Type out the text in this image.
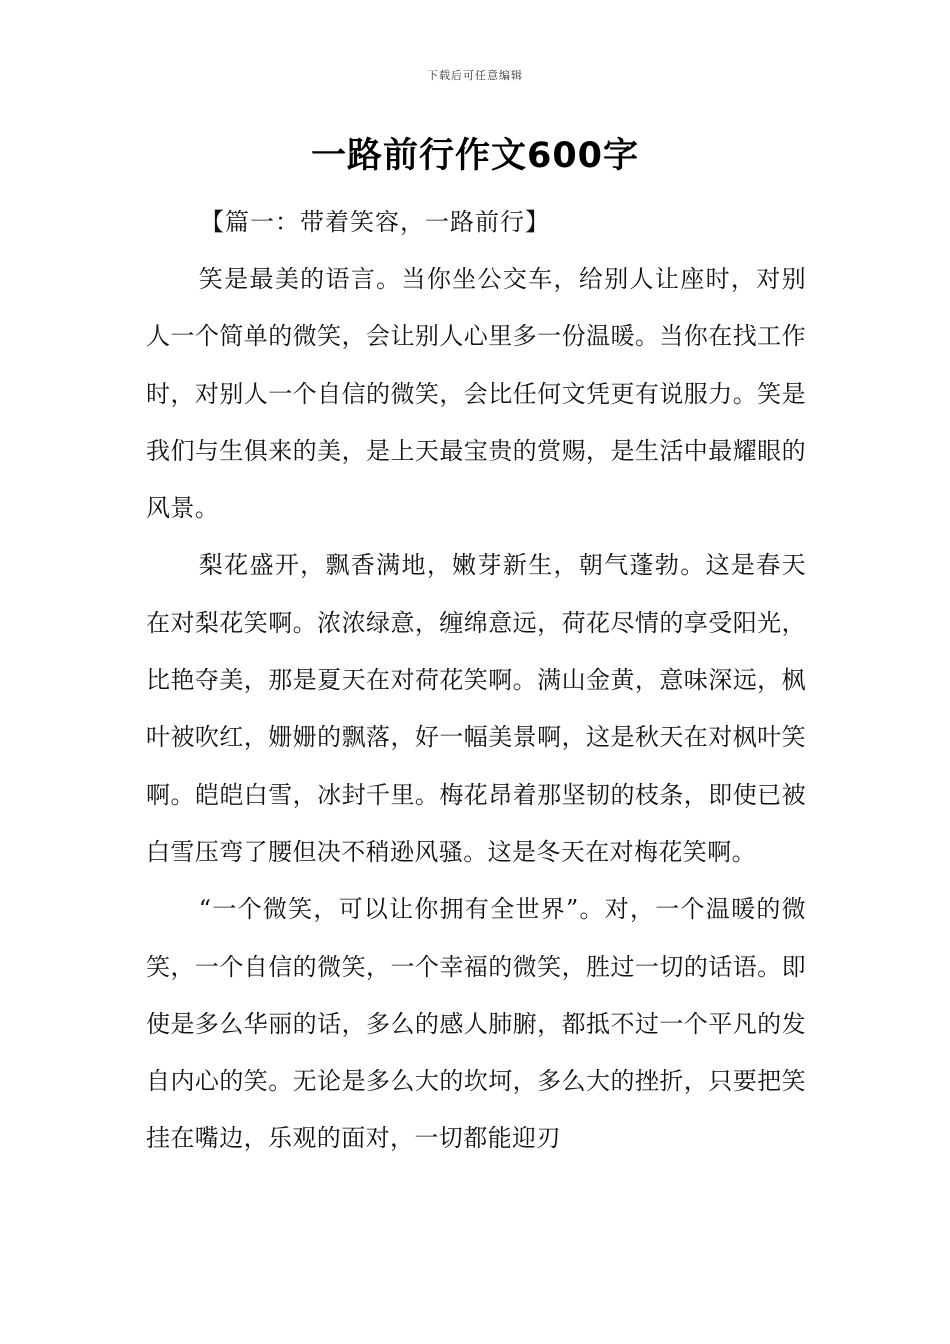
下载后可任意编辑
一路前行作文600字
【篇一：带着笑容，一路前行】

笑是最美的语言。当你坐公交车，给别人让座时，对别人一个简单的微笑，会让别人心里多一份温暖。当你在找工作时，对别人一个自信的微笑，会比任何文凭更有说服力。笑是我们与生俱来的美，是上天最宝贵的赏赐，是生活中最耀眼的风景。

梨花盛开，飘香满地，嫩芽新生，朝气蓬勃。这是春天在对梨花笑啊。浓浓绿意，缠绵意远，荷花尽情的享受阳光，比艳夺美，那是夏天在对荷花笑啊。满山金黄，意味深远，枫叶被吹红，姗姗的飘落，好一幅美景啊，这是秋天在对枫叶笑啊。皑皑白雪，冰封千里。梅花昂着那坚韧的枝条，即使已被白雪压弯了腰但决不稍逊风骚。这是冬天在对梅花笑啊。

“一个微笑，可以让你拥有全世界”。对，一个温暖的微笑，一个自信的微笑，一个幸福的微笑，胜过一切的话语。即使是多么华丽的话，多么的感人肺腑，都抵不过一个平凡的发自内心的笑。无论是多么大的坎坷，多么大的挫折，只要把笑挂在嘴边，乐观的面对，一切都能迎刃
